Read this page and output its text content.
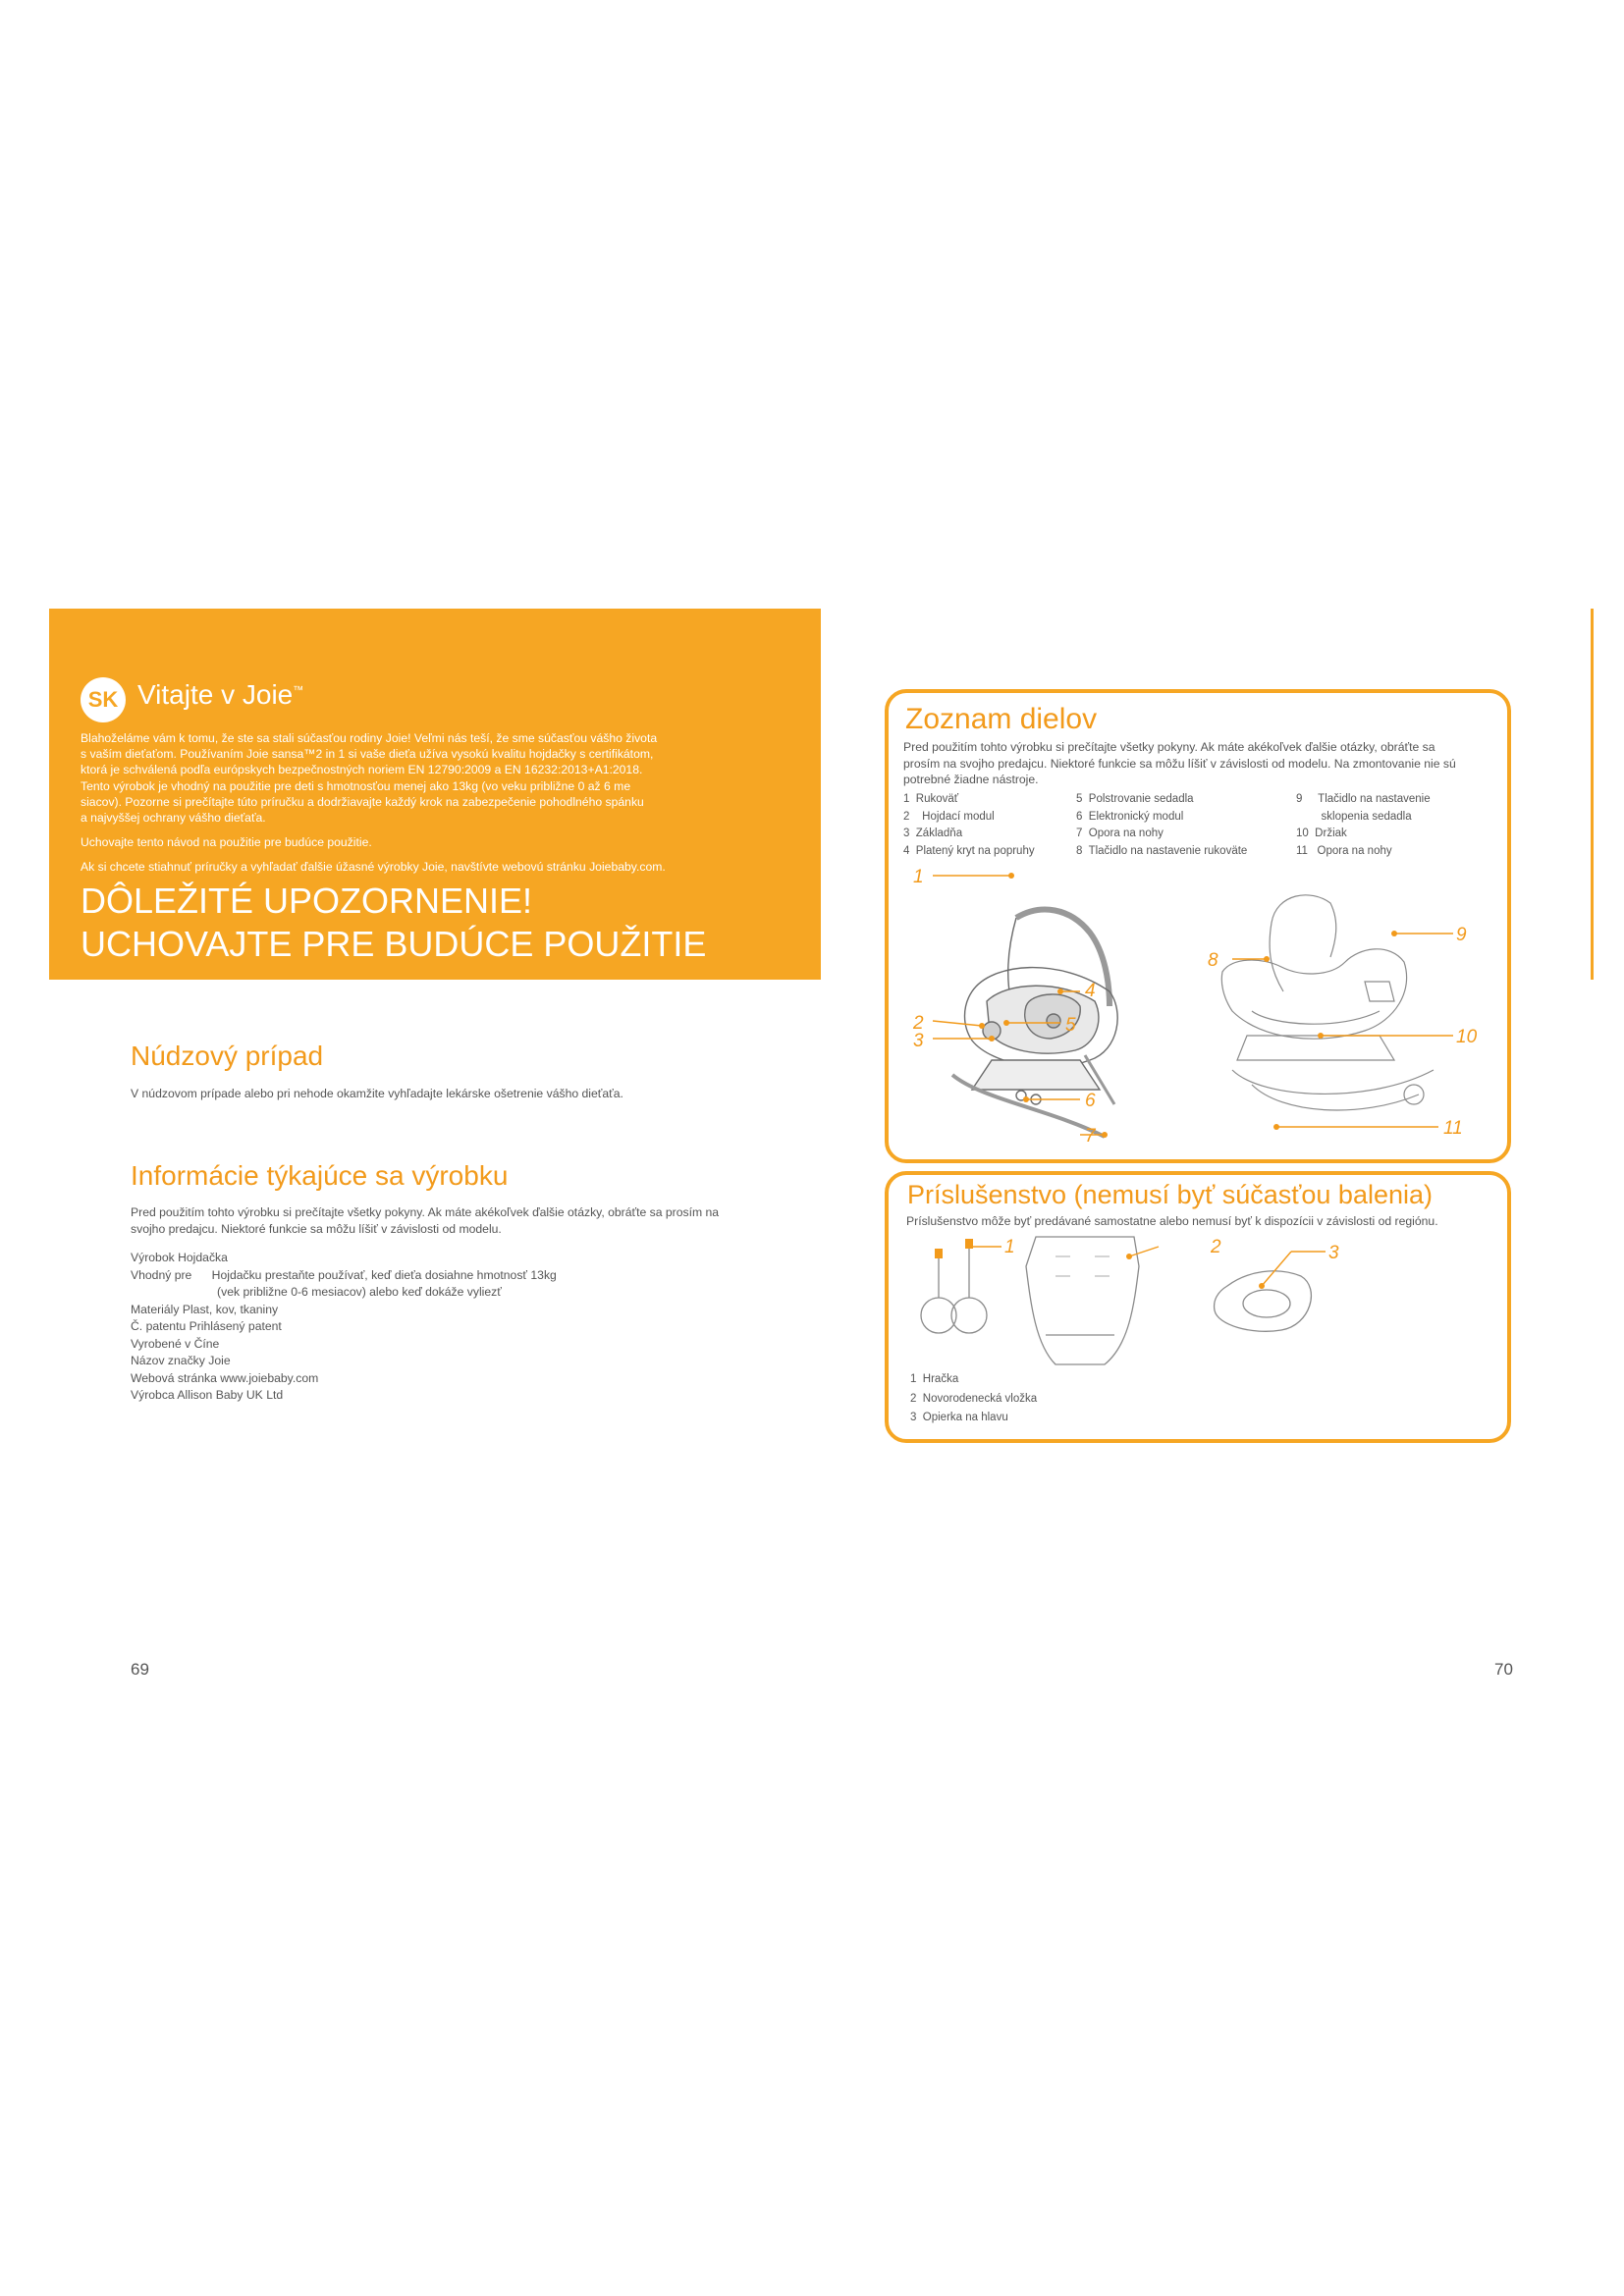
SK Vitajte v Joie™

Blahoželáme vám k tomu, že ste sa stali súčasťou rodiny Joie! Veľmi nás teší, že sme súčasťou vášho života
s vaším dieťaťom. Používaním Joie sansa™2 in 1 si vaše dieťa užíva vysokú kvalitu hojdačky s certifikátom,
ktorá je schválená podľa európskych bezpečnostných noriem EN 12790:2009 a EN 16232:2013+A1:2018.
Tento výrobok je vhodný na použitie pre deti s hmotnosťou menej ako 13kg (vo veku približne 0 až 6 me
siacov). Pozorne si prečítajte túto príručku a dodržiavajte každý krok na zabezpečenie pohodlného spánku
a najvyššej ochrany vášho dieťaťa.

Uchovajte tento návod na použitie pre budúce použitie.

Ak si chcete stiahnuť príručky a vyhľadať ďalšie úžasné výrobky Joie, navštívte webovú stránku Joiebaby.com.

DÔLEŽITÉ UPOZORNENIE!
UCHOVAJTE PRE BUDÚCE POUŽITIE
Núdzový prípad
V núdzovom prípade alebo pri nehode okamžite vyhľadajte lekárske ošetrenie vášho dieťaťa.
Informácie týkajúce sa výrobku
Pred použitím tohto výrobku si prečítajte všetky pokyny. Ak máte akékoľvek ďalšie otázky, obráťte sa prosím na
svojho predajcu. Niektoré funkcie sa môžu líšiť v závislosti od modelu.
Výrobok Hojdačka
Vhodný pre      Hojdačku prestaňte používať, keď dieťa dosiahne hmotnosť 13kg
(vek približne 0-6 mesiacov) alebo keď dokáže vyliezť
Materiály Plast, kov, tkaniny
Č. patentu Prihlásený patent
Vyrobené v Číne
Názov značky Joie
Webová stránka www.joiebaby.com
Výrobca Allison Baby UK Ltd
69
Zoznam dielov
Pred použitím tohto výrobku si prečítajte všetky pokyny. Ak máte akékoľvek ďalšie otázky, obráťte sa
prosím na svojho predajcu. Niektoré funkcie sa môžu líšiť v závislosti od modelu. Na zmontovanie nie sú
potrebné žiadne nástroje.
1  Rukoväť
2    Hojdací modul
3  Základňa
4  Platený kryt na popruhy
5  Polstrovanie sedadla
6  Elektronický modul
7  Opora na nohy
8  Tlačidlo na nastavenie rukoväte
9     Tlačidlo na nastavenie
sklopenia sedadla
10  Držiak
11   Opora na nohy
1
2
3
4
5
6
7
8
9
10
11
Príslušenstvo (nemusí byť súčasťou balenia)
Príslušenstvo môže byť predávané samostatne alebo nemusí byť k dispozícii v závislosti od regiónu.
1	2	3
1  Hračka
2  Novorodenecká vložka
3  Opierka na hlavu
70
